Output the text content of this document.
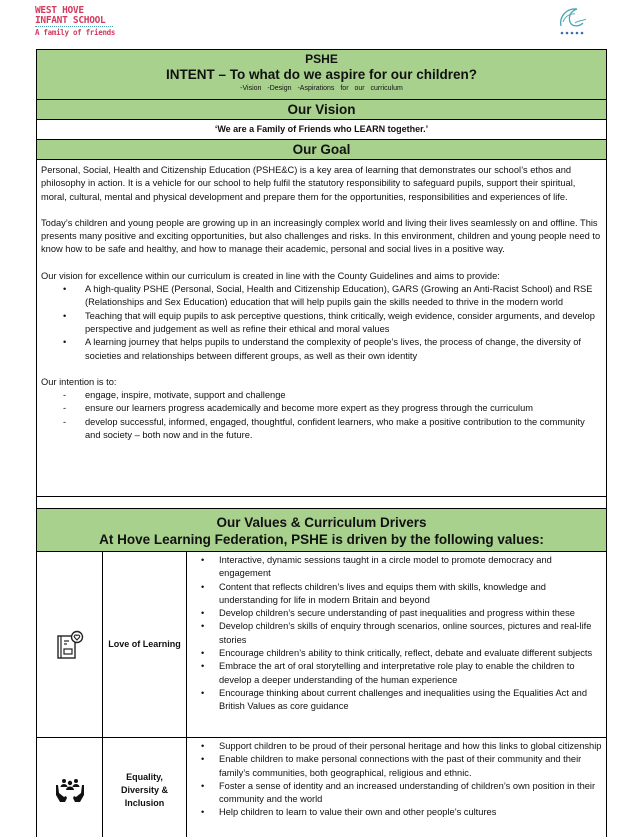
WEST HOVE
INFANT SCHOOL
A family of friends
PSHE
INTENT – To what do we aspire for our children?
-Vision -Design -Aspirations for our curriculum
Our Vision
‘We are a Family of Friends who LEARN together.’
Our Goal

Personal, Social, Health and Citizenship Education (PSHE&C) is a key area of learning that demonstrates our school’s ethos and philosophy in action. It is a vehicle for our school to help fulfil the statutory responsibility to safeguard pupils, support their spiritual, moral, cultural, mental and physical development and prepare them for the opportunities, responsibilities and experiences of life.

Today’s children and young people are growing up in an increasingly complex world and living their lives seamlessly on and offline. This presents many positive and exciting opportunities, but also challenges and risks. In this environment, children and young people need to know how to be safe and healthy, and how to manage their academic, personal and social lives in a positive way.

Our vision for excellence within our curriculum is created in line with the County Guidelines and aims to provide:

• A high-quality PSHE (Personal, Social, Health and Citizenship Education), GARS (Growing an Anti-Racist School) and RSE (Relationships and Sex Education) education that will help pupils gain the skills needed to thrive in the modern world
• Teaching that will equip pupils to ask perceptive questions, think critically, weigh evidence, consider arguments, and develop perspective and judgement as well as refine their ethical and moral values
• A learning journey that helps pupils to understand the complexity of people’s lives, the process of change, the diversity of societies and relationships between different groups, as well as their own identity

Our intention is to:

- engage, inspire, motivate, support and challenge
- ensure our learners progress academically and become more expert as they progress through the curriculum
- develop successful, informed, engaged, thoughtful, confident learners, who make a positive contribution to the community and society – both now and in the future.
Our Values & Curriculum Drivers
At Hove Learning Federation, PSHE is driven by the following values:
Love of Learning
• Interactive, dynamic sessions taught in a circle model to promote democracy and engagement
• Content that reflects children’s lives and equips them with skills, knowledge and understanding for life in modern Britain and beyond
• Develop children’s secure understanding of past inequalities and progress within these
• Develop children’s skills of enquiry through scenarios, online sources, pictures and real-life stories
• Encourage children’s ability to think critically, reflect, debate and evaluate different subjects
• Embrace the art of oral storytelling and interpretative role play to enable the children to develop a deeper understanding of the human experience
• Encourage thinking about current challenges and inequalities using the Equalities Act and British Values as core guidance
Equality, Diversity & Inclusion
• Support children to be proud of their personal heritage and how this links to global citizenship
• Enable children to make personal connections with the past of their community and their family’s communities, both geographical, religious and ethnic.
• Foster a sense of identity and an increased understanding of children’s own position in their community and the world
• Help children to learn to value their own and other people’s cultures
